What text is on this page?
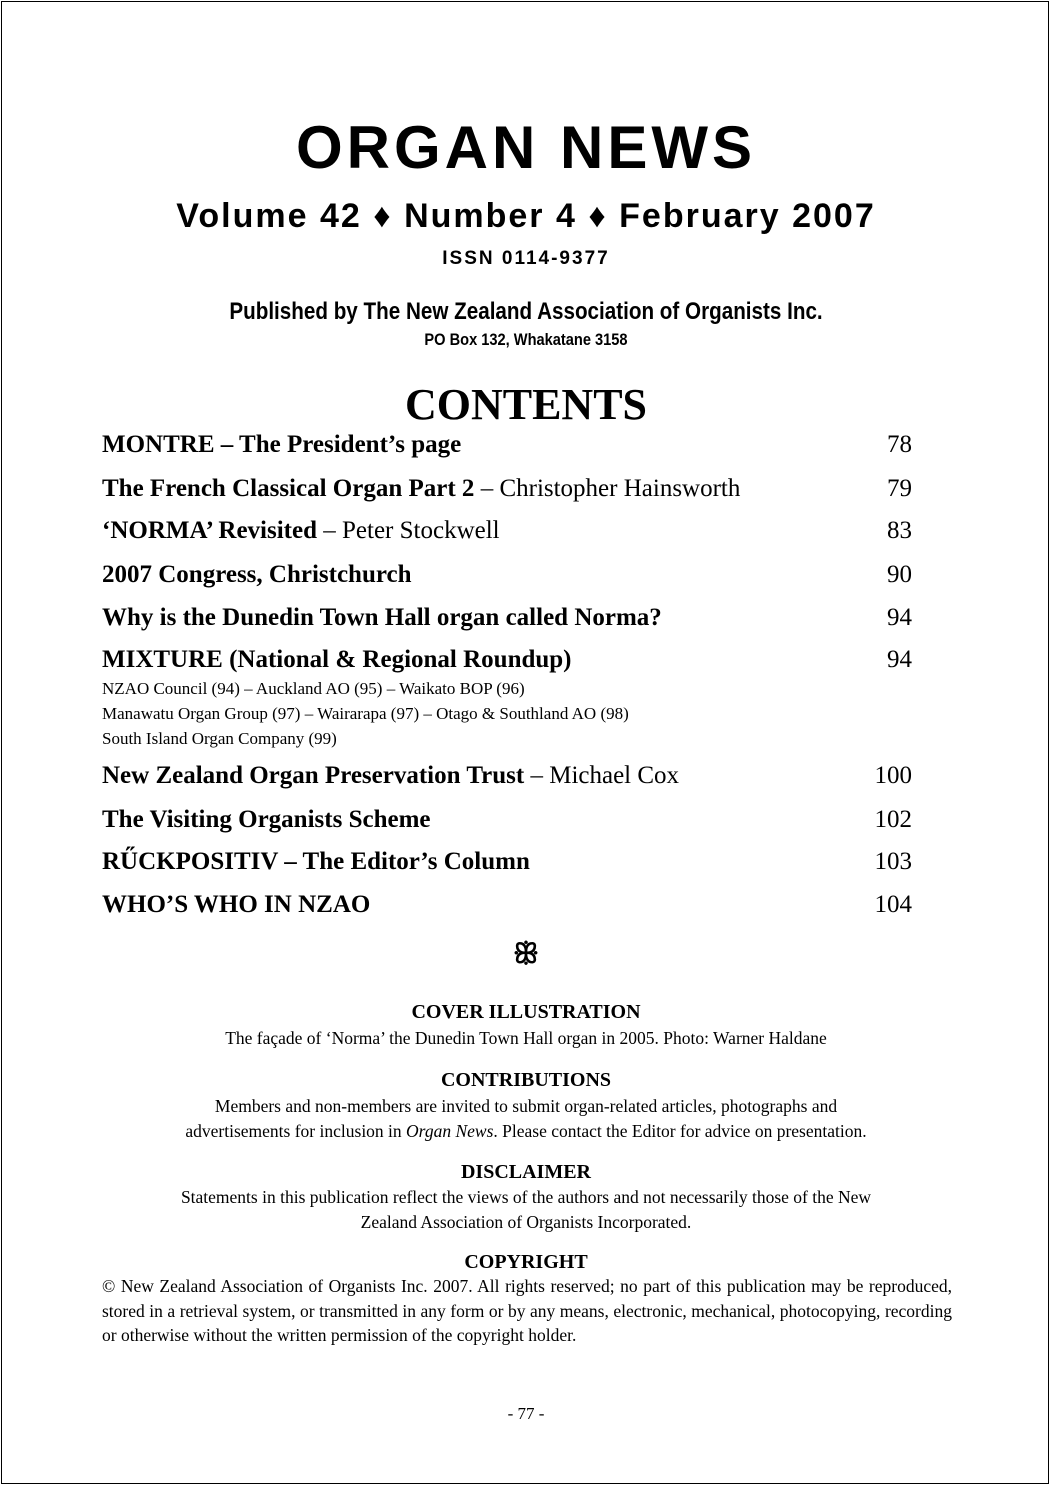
ORGAN NEWS
Volume 42 ♦ Number 4 ♦ February 2007
ISSN 0114-9377
Published by The New Zealand Association of Organists Inc.
PO Box 132, Whakatane 3158
CONTENTS
MONTRE – The President’s page	78
The French Classical Organ Part 2 – Christopher Hainsworth	79
‘NORMA’ Revisited – Peter Stockwell	83
2007 Congress, Christchurch	90
Why is the Dunedin Town Hall organ called Norma?	94
MIXTURE (National & Regional Roundup)	94
NZAO Council (94) – Auckland AO (95) – Waikato BOP (96)
Manawatu Organ Group (97) – Wairarapa (97) – Otago & Southland AO (98)
South Island Organ Company (99)
New Zealand Organ Preservation Trust – Michael Cox	100
The Visiting Organists Scheme	102
RŰCKPOSITIV – The Editor’s Column	103
WHO’S WHO IN NZAO	104
ꕥ
COVER ILLUSTRATION
The façade of ‘Norma’ the Dunedin Town Hall organ in 2005. Photo: Warner Haldane
CONTRIBUTIONS
Members and non-members are invited to submit organ-related articles, photographs and
advertisements for inclusion in Organ News. Please contact the Editor for advice on presentation.
DISCLAIMER
Statements in this publication reflect the views of the authors and not necessarily those of the New
Zealand Association of Organists Incorporated.
COPYRIGHT
© New Zealand Association of Organists Inc. 2007. All rights reserved; no part of this publication may be reproduced, stored in a retrieval system, or transmitted in any form or by any means, electronic, mechanical, photocopying, recording or otherwise without the written permission of the copyright holder.
- 77 -
